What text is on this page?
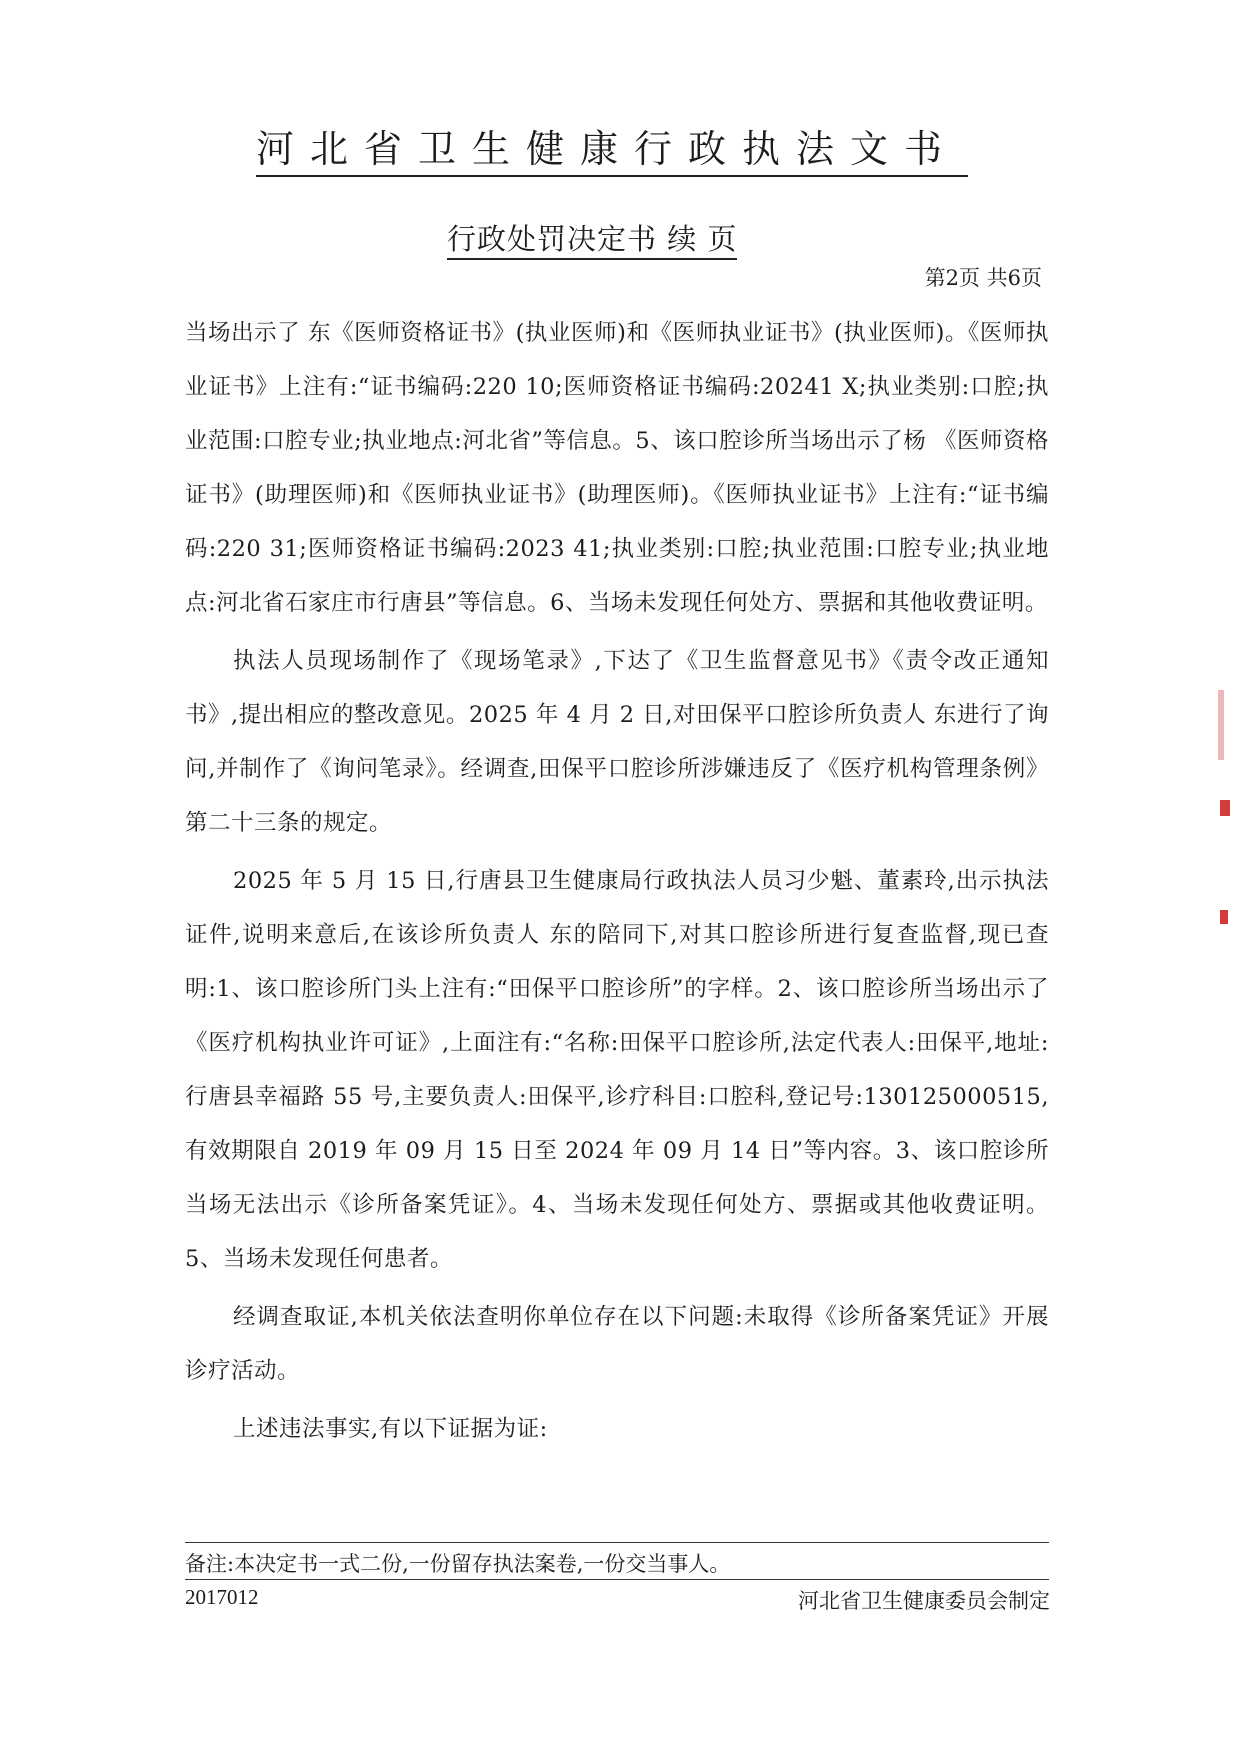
河北省卫生健康行政执法文书
行政处罚决定书 续 页
第2页 共6页

当场出示了 东《医师资格证书》(执业医师)和《医师执业证书》(执业医师)。《医师执业证书》上注有:“证书编码:220 10;医师资格证书编码:20241 X;执业类别:口腔;执业范围:口腔专业;执业地点:河北省”等信息。5、该口腔诊所当场出示了杨 《医师资格证书》(助理医师)和《医师执业证书》(助理医师)。《医师执业证书》上注有:“证书编码:220 31;医师资格证书编码:2023 41;执业类别:口腔;执业范围:口腔专业;执业地点:河北省石家庄市行唐县”等信息。6、当场未发现任何处方、票据和其他收费证明。

执法人员现场制作了《现场笔录》,下达了《卫生监督意见书》《责令改正通知书》,提出相应的整改意见。2025 年 4 月 2 日,对田保平口腔诊所负责人 东进行了询问,并制作了《询问笔录》。经调查,田保平口腔诊所涉嫌违反了《医疗机构管理条例》第二十三条的规定。

2025 年 5 月 15 日,行唐县卫生健康局行政执法人员习少魁、董素玲,出示执法证件,说明来意后,在该诊所负责人 东的陪同下,对其口腔诊所进行复查监督,现已查明:1、该口腔诊所门头上注有:“田保平口腔诊所”的字样。2、该口腔诊所当场出示了《医疗机构执业许可证》,上面注有:“名称:田保平口腔诊所,法定代表人:田保平,地址:行唐县幸福路 55 号,主要负责人:田保平,诊疗科目:口腔科,登记号:130125000515,有效期限自 2019 年 09 月 15 日至 2024 年 09 月 14 日”等内容。3、该口腔诊所当场无法出示《诊所备案凭证》。4、当场未发现任何处方、票据或其他收费证明。5、当场未发现任何患者。

经调查取证,本机关依法查明你单位存在以下问题:未取得《诊所备案凭证》开展诊疗活动。

上述违法事实,有以下证据为证:

备注:本决定书一式二份,一份留存执法案卷,一份交当事人。
2017012	河北省卫生健康委员会制定
